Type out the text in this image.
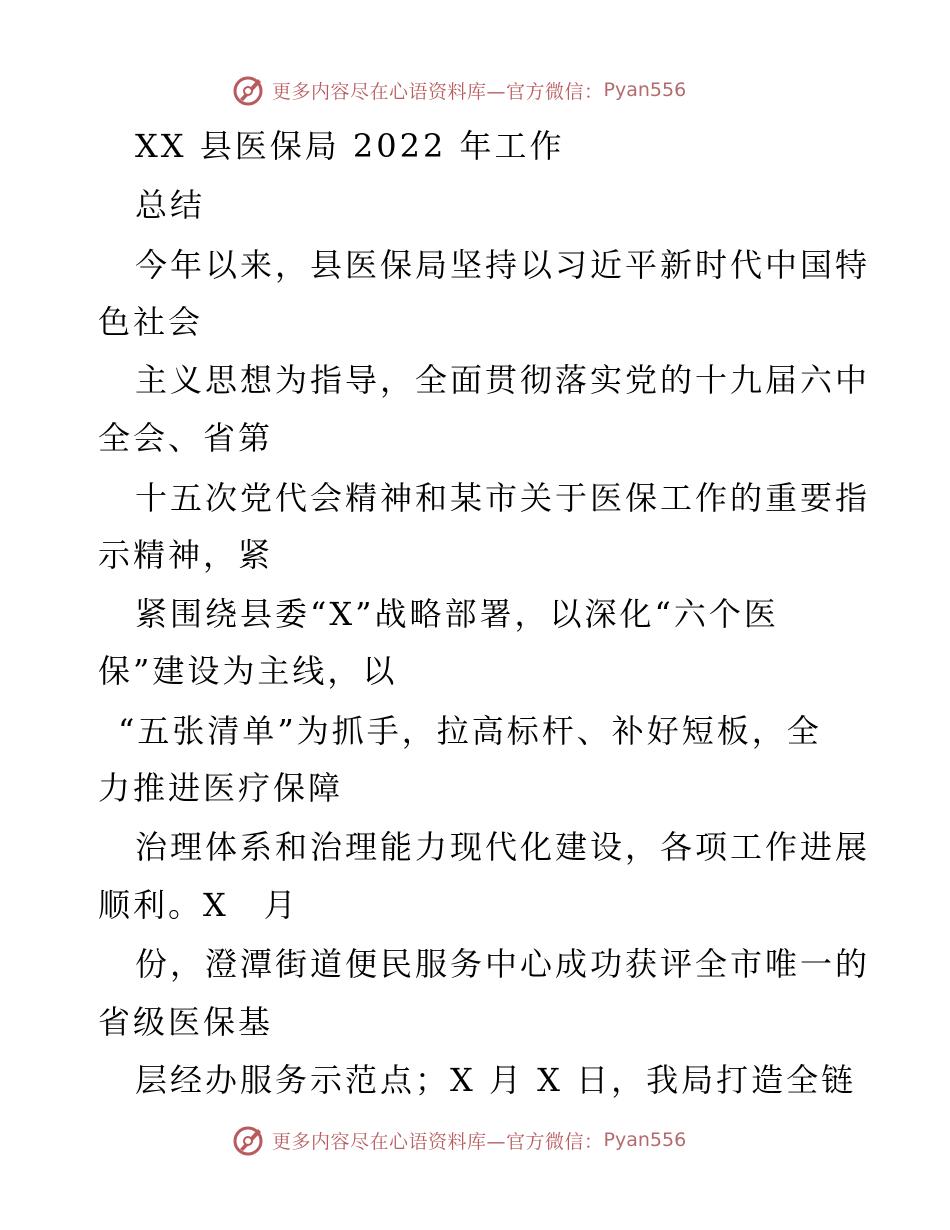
更多内容尽在心语资料库—官方微信： Pyan556
XX 县医保局 2022 年工作
总结
今年以来，县医保局坚持以习近平新时代中国特
色社会
主义思想为指导，全面贯彻落实党的十九届六中
全会、省第
十五次党代会精神和某市关于医保工作的重要指
示精神，紧
紧围绕县委“X”战略部署，以深化“六个医
保”建设为主线，以
“五张清单”为抓手，拉高标杆、补好短板，全
力推进医疗保障
治理体系和治理能力现代化建设，各项工作进展
顺利。X　月
份，澄潭街道便民服务中心成功获评全市唯一的
省级医保基
层经办服务示范点；X 月 X 日，我局打造全链
更多内容尽在心语资料库—官方微信： Pyan556
